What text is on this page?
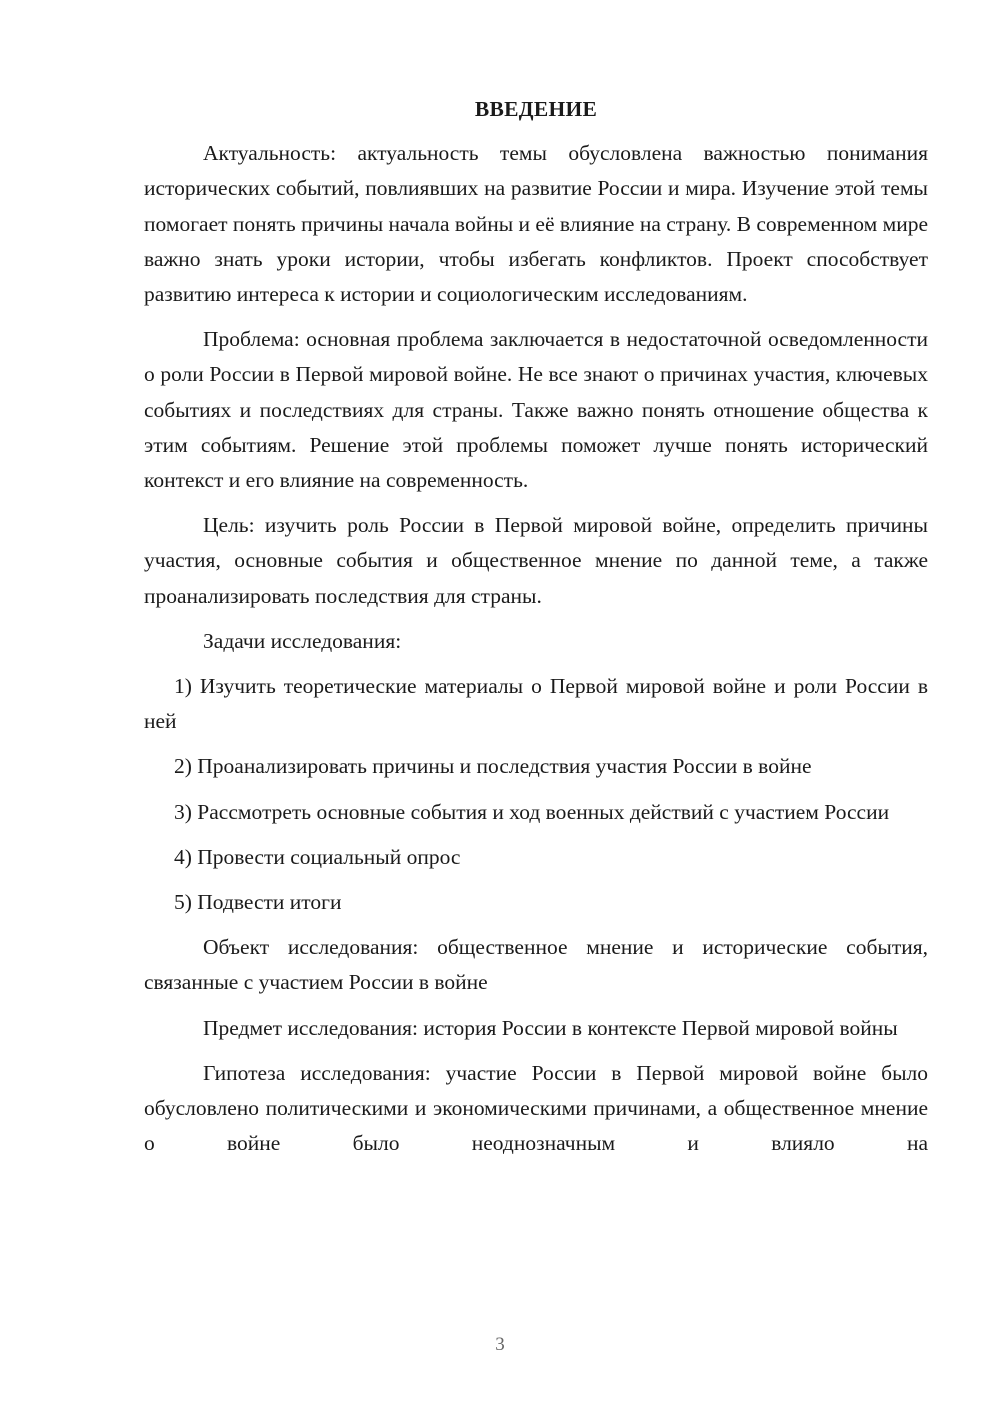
ВВЕДЕНИЕ

Актуальность: актуальность темы обусловлена важностью понимания исторических событий, повлиявших на развитие России и мира. Изучение этой темы помогает понять причины начала войны и её влияние на страну. В современном мире важно знать уроки истории, чтобы избегать конфликтов. Проект способствует развитию интереса к истории и социологическим исследованиям.

Проблема: основная проблема заключается в недостаточной осведомленности о роли России в Первой мировой войне. Не все знают о причинах участия, ключевых событиях и последствиях для страны. Также важно понять отношение общества к этим событиям. Решение этой проблемы поможет лучше понять исторический контекст и его влияние на современность.

Цель: изучить роль России в Первой мировой войне, определить причины участия, основные события и общественное мнение по данной теме, а также проанализировать последствия для страны.

Задачи исследования:

1) Изучить теоретические материалы о Первой мировой войне и роли России в ней

2) Проанализировать причины и последствия участия России в войне

3) Рассмотреть основные события и ход военных действий с участием России

4) Провести социальный опрос

5) Подвести итоги

Объект исследования: общественное мнение и исторические события, связанные с участием России в войне

Предмет исследования: история России в контексте Первой мировой войны

Гипотеза исследования: участие России в Первой мировой войне было обусловлено политическими и экономическими причинами, а общественное мнение о войне было неоднозначным и влияло на

3
